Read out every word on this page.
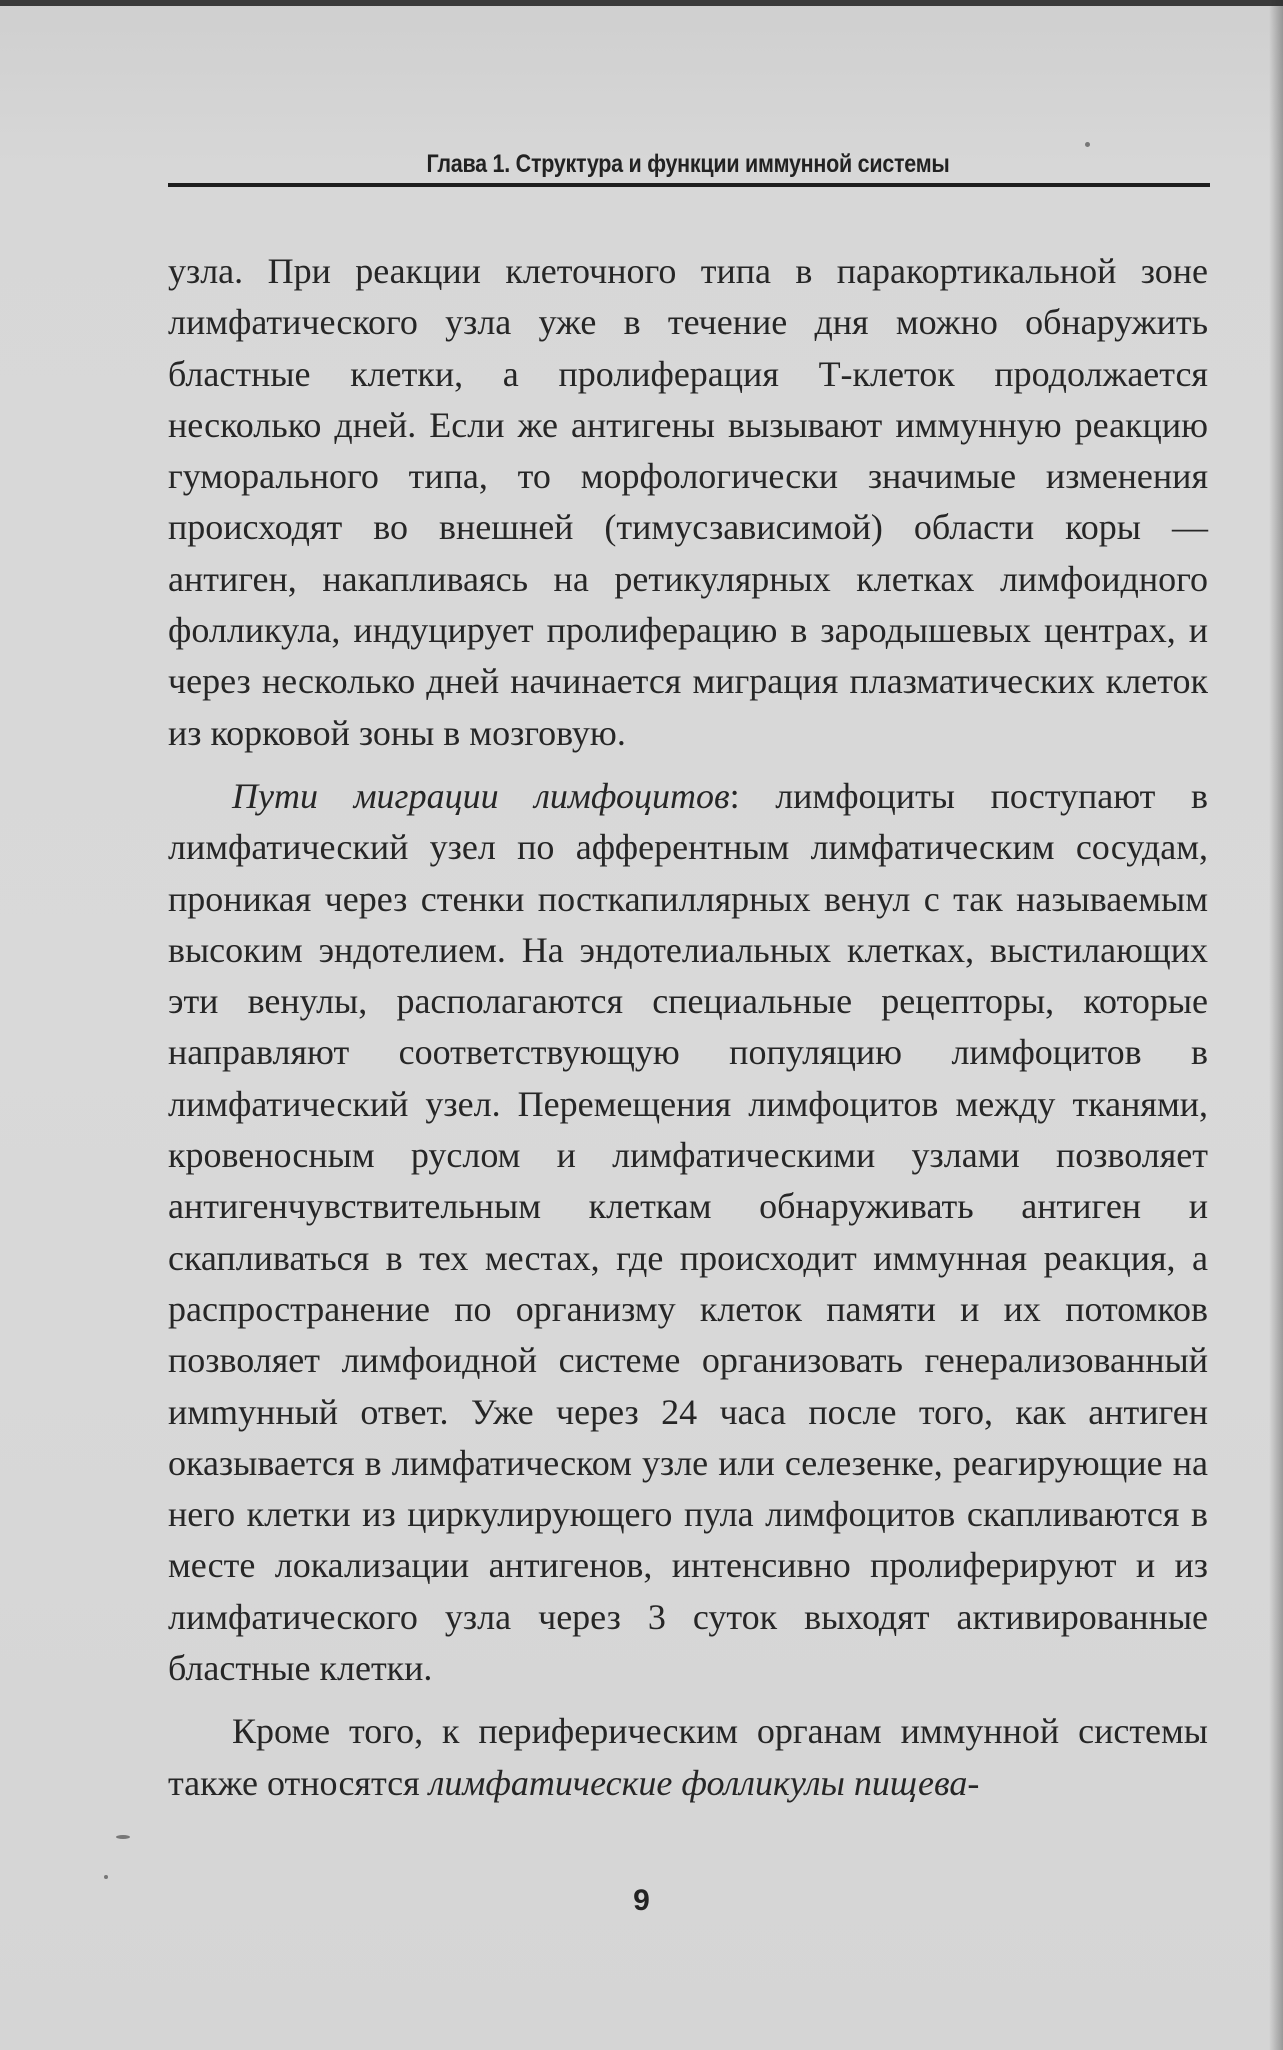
Глава 1. Структура и функции иммунной системы

узла. При реакции клеточного типа в паракортикальной зоне лимфатического узла уже в течение дня можно обнаружить бластные клетки, а пролиферация Т-клеток продолжается несколько дней. Если же антигены вызывают иммунную реакцию гуморального типа, то морфологически значимые изменения происходят во внешней (тимусзависимой) области коры — антиген, накапливаясь на ретикулярных клетках лимфоидного фолликула, индуцирует пролиферацию в зародышевых центрах, и через несколько дней начинается миграция плазматических клеток из корковой зоны в мозговую.

Пути миграции лимфоцитов: лимфоциты поступают в лимфатический узел по афферентным лимфатическим сосудам, проникая через стенки посткапиллярных венул с так называемым высоким эндотелием. На эндотелиальных клетках, выстилающих эти венулы, располагаются специальные рецепторы, которые направляют соответствующую популяцию лимфоцитов в лимфатический узел. Перемещения лимфоцитов между тканями, кровеносным руслом и лимфатическими узлами позволяет антигенчувствительным клеткам обнаруживать антиген и скапливаться в тех местах, где происходит иммунная реакция, а распространение по организму клеток памяти и их потомков позволяет лимфоидной системе организовать генерализованный имmунный ответ. Уже через 24 часа после того, как антиген оказывается в лимфатическом узле или селезенке, реагирующие на него клетки из циркулирующего пула лимфоцитов скапливаются в месте локализации антигенов, интенсивно пролиферируют и из лимфатического узла через 3 суток выходят активированные бластные клетки.

Кроме того, к периферическим органам иммунной системы также относятся лимфатические фолликулы пищева-

9
